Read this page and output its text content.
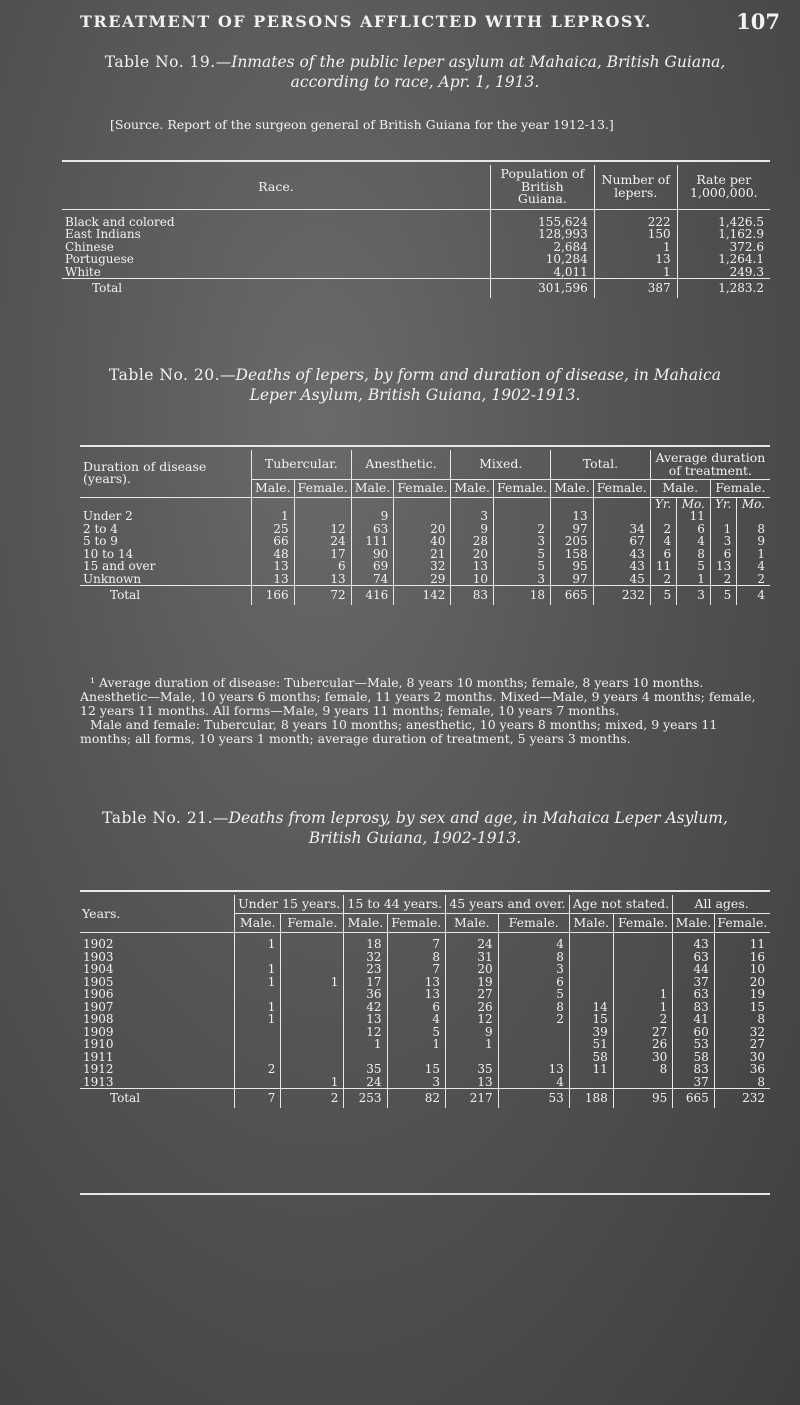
TREATMENT OF PERSONS AFFLICTED WITH LEPROSY.	107
Table No. 19.—Inmates of the public leper asylum at Mahaica, British Guiana,
according to race, Apr. 1, 1913.
[Source. Report of the surgeon general of British Guiana for the year 1912-13.]
Race.	Population of British Guiana.	Number of lepers.	Rate per 1,000,000.
Black and colored	155,624	222	1,426.5
East Indians	128,993	150	1,162.9
Chinese	2,684	1	372.6
Portuguese	10,284	13	1,264.1
White	4,011	1	249.3
Total	301,596	387	1,283.2
Table No. 20.—Deaths of lepers, by form and duration of disease, in Mahaica
Leper Asylum, British Guiana, 1902-1913.
Duration of disease (years).	Tubercular.		Anesthetic.		Mixed.		Total.		Average duration of treatment.			
	Male.	Female.	Male.	Female.	Male.	Female.	Male.	Female.	Male.		Female.	
									Yr.	Mo.	Yr.	Mo.
Under 2	1		9		3		13			11		
2 to 4	25	12	63	20	9	2	97	34	2	6	1	8
5 to 9	66	24	111	40	28	3	205	67	4	4	3	9
10 to 14	48	17	90	21	20	5	158	43	6	8	6	1
15 and over	13	6	69	32	13	5	95	43	11	5	13	4
Unknown	13	13	74	29	10	3	97	45	2	1	2	2
Total	166	72	416	142	83	18	665	232	5	3	5	4

¹ Average duration of disease: Tubercular—Male, 8 years 10 months; female, 8 years 10 months. Anesthetic—Male, 10 years 6 months; female, 11 years 2 months. Mixed—Male, 9 years 4 months; female, 12 years 11 months. All forms—Male, 9 years 11 months; female, 10 years 7 months.

Male and female: Tubercular, 8 years 10 months; anesthetic, 10 years 8 months; mixed, 9 years 11 months; all forms, 10 years 1 month; average duration of treatment, 5 years 3 months.

Table No. 21.—Deaths from leprosy, by sex and age, in Mahaica Leper Asylum,
British Guiana, 1902-1913.
Years.	Under 15 years.		15 to 44 years.		45 years and over.		Age not stated.		All ages.	
	Male.	Female.	Male.	Female.	Male.	Female.	Male.	Female.	Male.	Female.
1902	1		18	7	24	4			43	11
1903			32	8	31	8			63	16
1904	1		23	7	20	3			44	10
1905	1	1	17	13	19	6			37	20
1906			36	13	27	5		1	63	19
1907	1		42	6	26	8	14	1	83	15
1908	1		13	4	12	2	15	2	41	8
1909			12	5	9		39	27	60	32
1910			1	1	1		51	26	53	27
1911							58	30	58	30
1912	2		35	15	35	13	11	8	83	36
1913		1	24	3	13	4			37	8
Total	7	2	253	82	217	53	188	95	665	232
